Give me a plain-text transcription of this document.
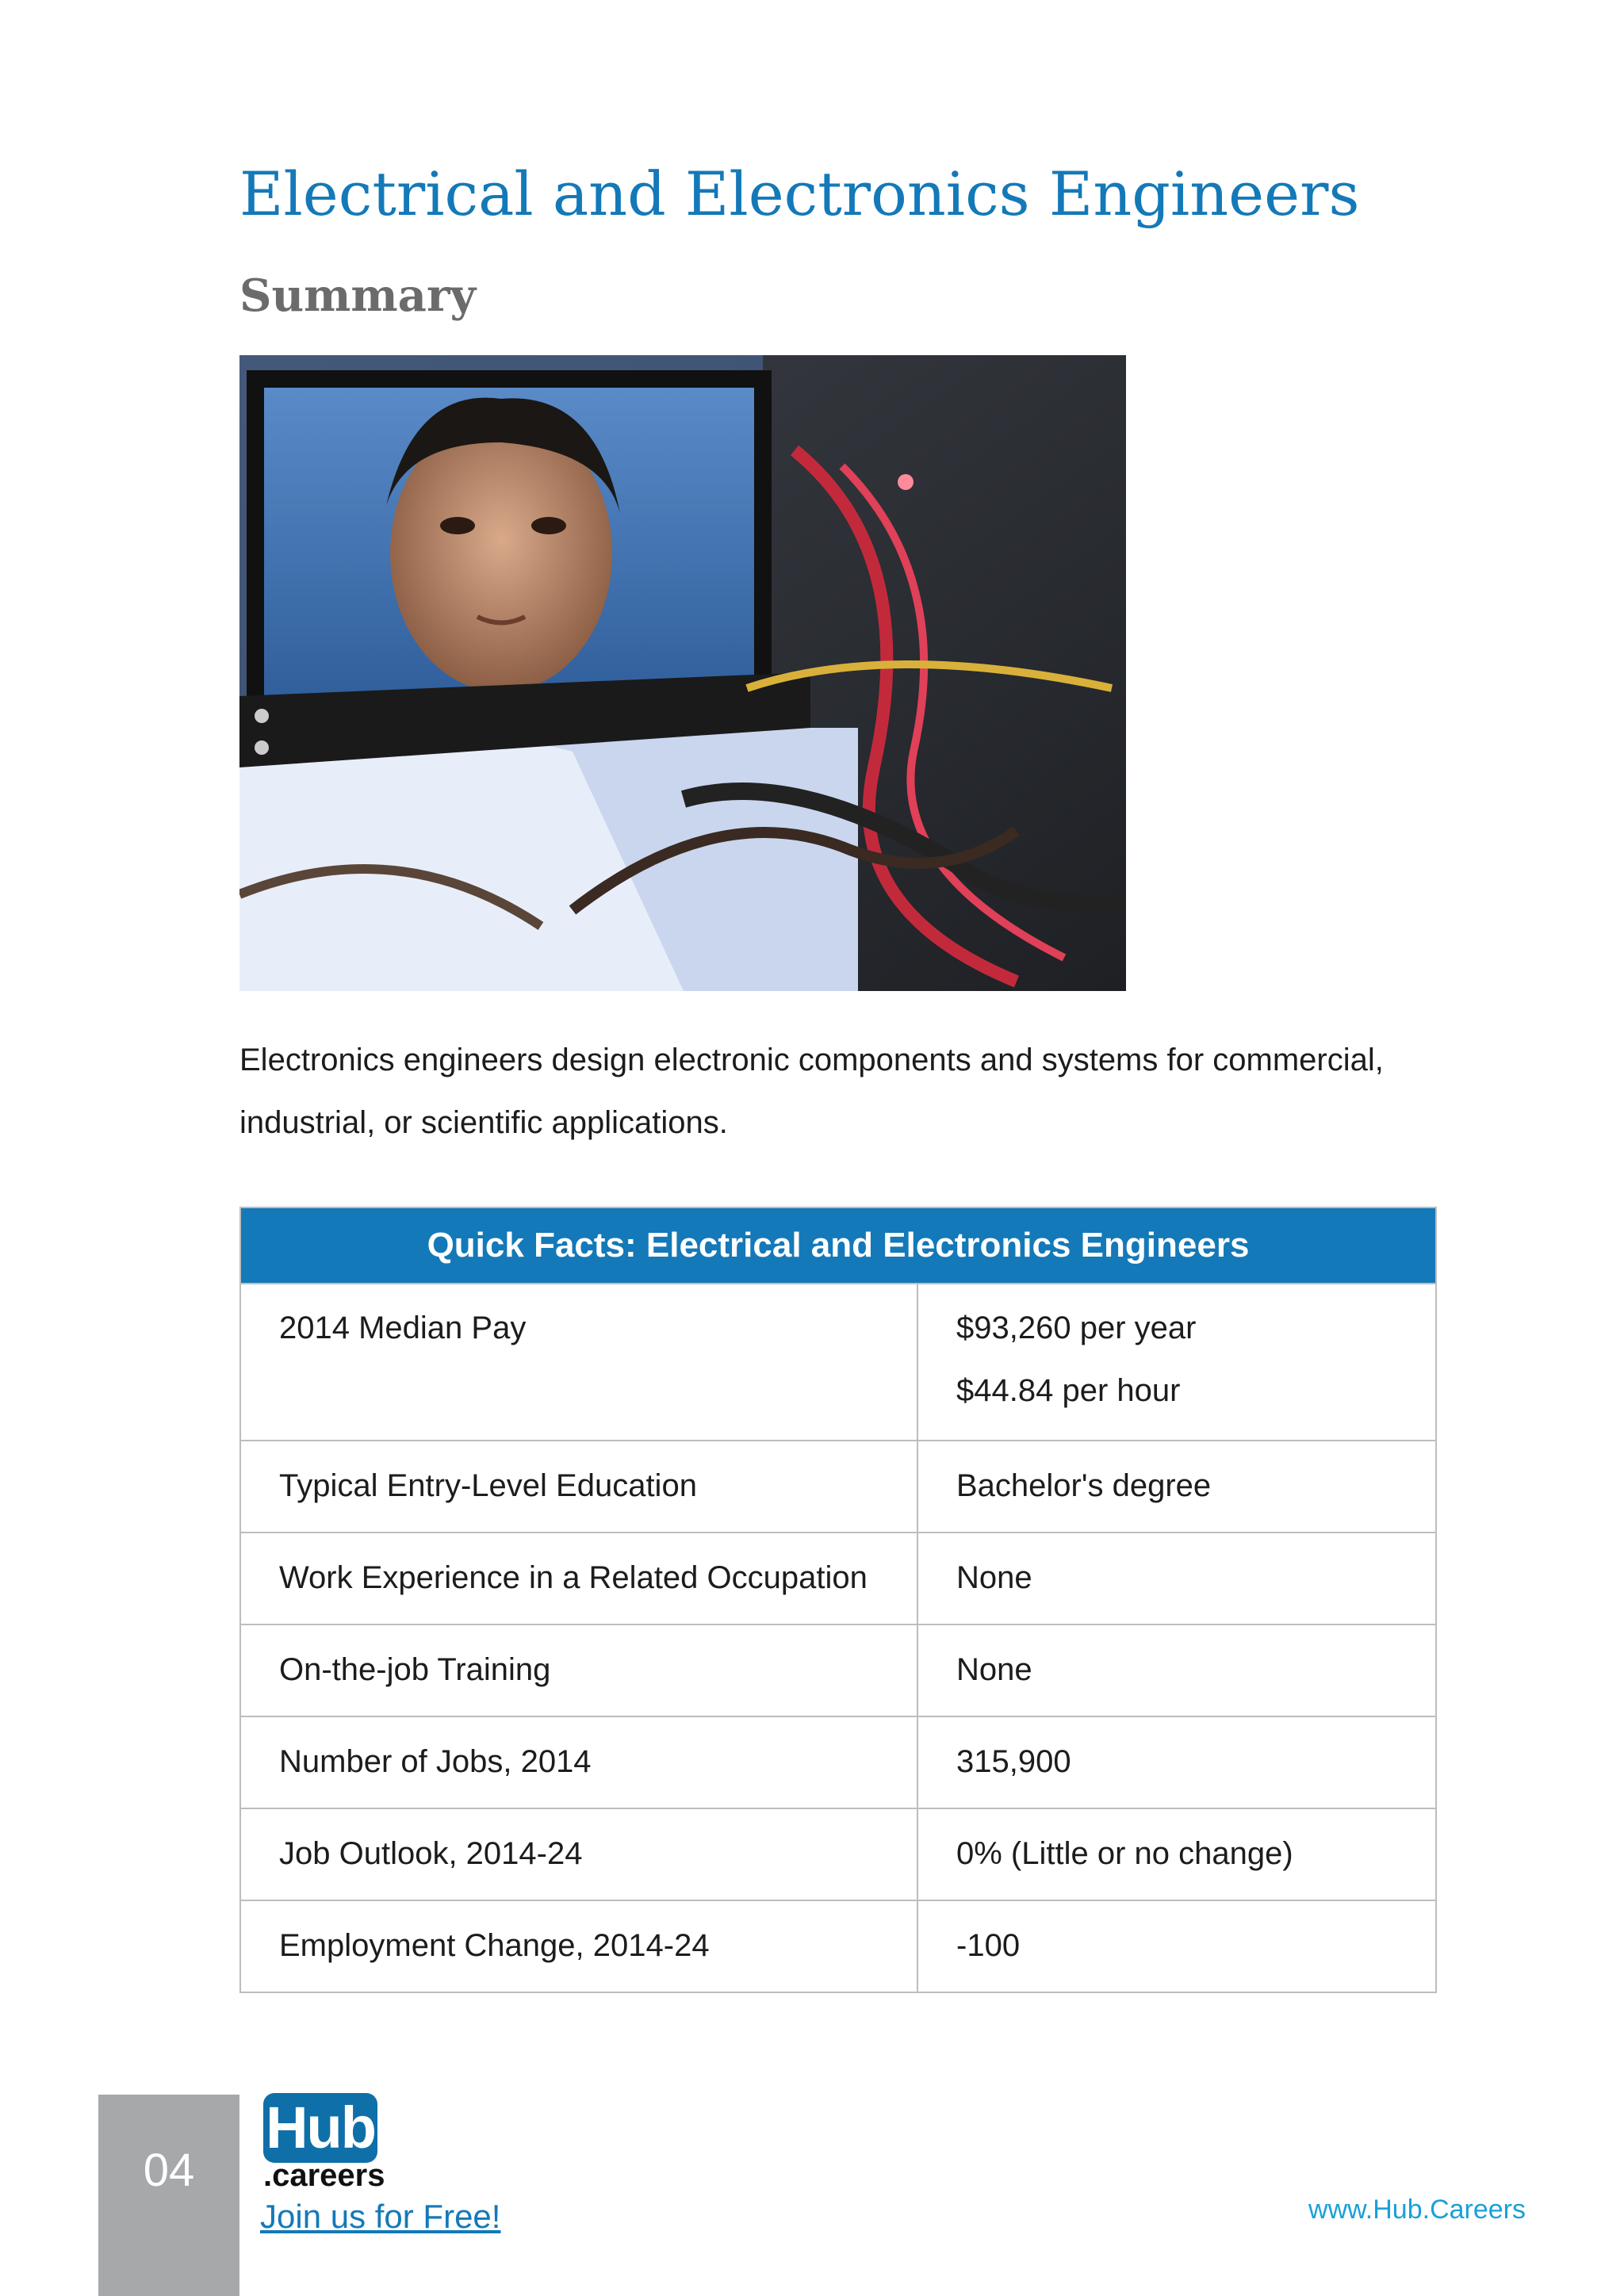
Electrical and Electronics Engineers
Summary
Electronics engineers design electronic components and systems for commercial,
industrial, or scientific applications.
Quick Facts: Electrical and Electronics Engineers
2014 Median Pay	$93,260 per year
$44.84 per hour
Typical Entry-Level Education	Bachelor's degree
Work Experience in a Related Occupation	None
On-the-job Training	None
Number of Jobs, 2014	315,900
Job Outlook, 2014-24	0% (Little or no change)
Employment Change, 2014-24	-100
04
Hub
.careers
Join us for Free!	www.Hub.Careers
